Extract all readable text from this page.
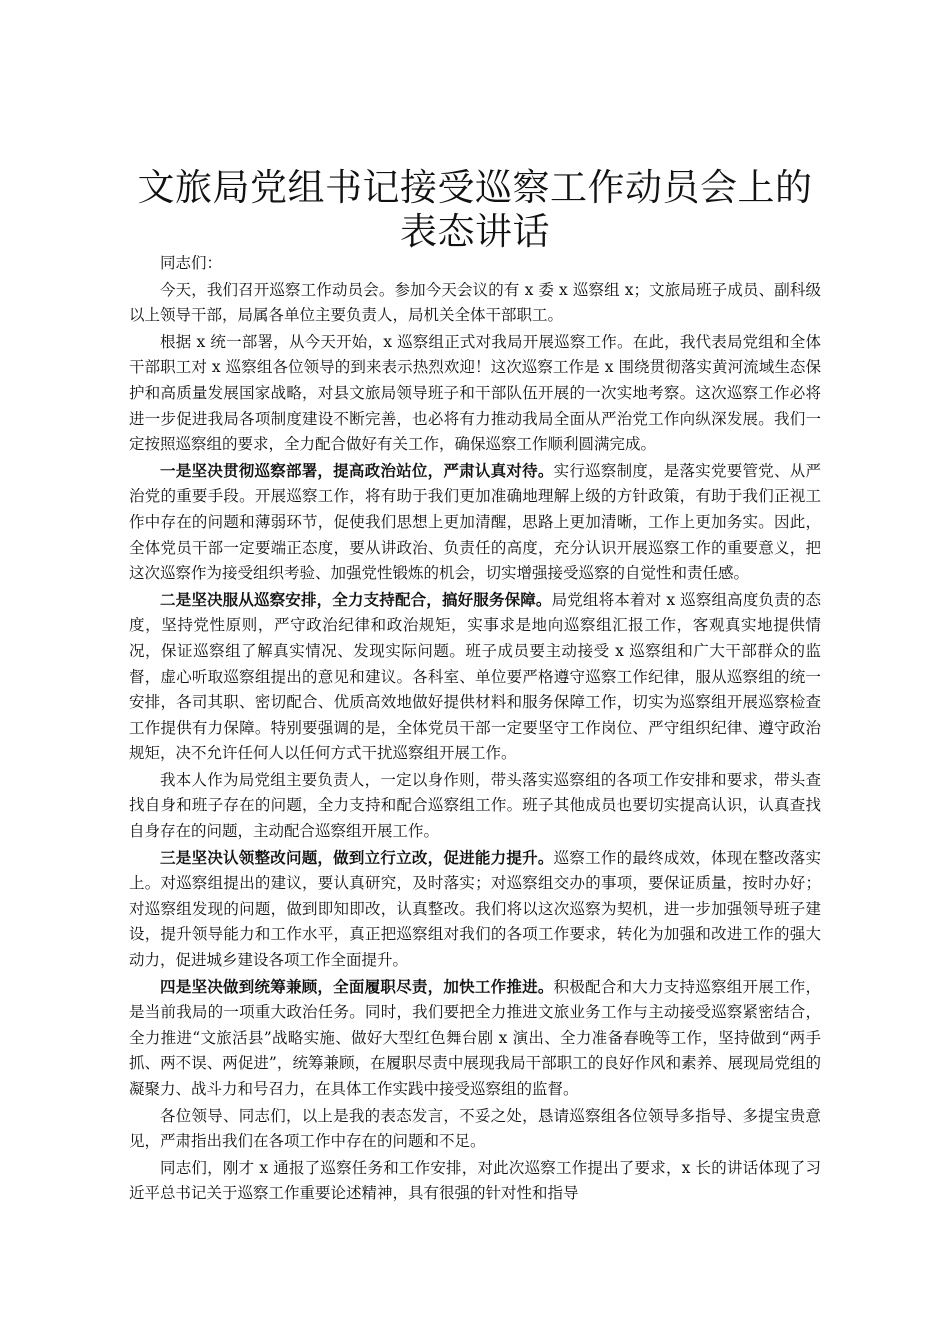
文旅局党组书记接受巡察工作动员会上的表态讲话

同志们：

今天，我们召开巡察工作动员会。参加今天会议的有 x 委 x 巡察组 x；文旅局班子成员、副科级以上领导干部，局属各单位主要负责人，局机关全体干部职工。

根据 x 统一部署，从今天开始，x 巡察组正式对我局开展巡察工作。在此，我代表局党组和全体干部职工对 x 巡察组各位领导的到来表示热烈欢迎！这次巡察工作是 x 围绕贯彻落实黄河流域生态保护和高质量发展国家战略，对县文旅局领导班子和干部队伍开展的一次实地考察。这次巡察工作必将进一步促进我局各项制度建设不断完善，也必将有力推动我局全面从严治党工作向纵深发展。我们一定按照巡察组的要求，全力配合做好有关工作，确保巡察工作顺利圆满完成。

一是坚决贯彻巡察部署，提高政治站位，严肃认真对待。实行巡察制度，是落实党要管党、从严治党的重要手段。开展巡察工作，将有助于我们更加准确地理解上级的方针政策，有助于我们正视工作中存在的问题和薄弱环节，促使我们思想上更加清醒，思路上更加清晰，工作上更加务实。因此，全体党员干部一定要端正态度，要从讲政治、负责任的高度，充分认识开展巡察工作的重要意义，把这次巡察作为接受组织考验、加强党性锻炼的机会，切实增强接受巡察的自觉性和责任感。

二是坚决服从巡察安排，全力支持配合，搞好服务保障。局党组将本着对 x 巡察组高度负责的态度，坚持党性原则，严守政治纪律和政治规矩，实事求是地向巡察组汇报工作，客观真实地提供情况，保证巡察组了解真实情况、发现实际问题。班子成员要主动接受 x 巡察组和广大干部群众的监督，虚心听取巡察组提出的意见和建议。各科室、单位要严格遵守巡察工作纪律，服从巡察组的统一安排，各司其职、密切配合、优质高效地做好提供材料和服务保障工作，切实为巡察组开展巡察检查工作提供有力保障。特别要强调的是，全体党员干部一定要坚守工作岗位、严守组织纪律、遵守政治规矩，决不允许任何人以任何方式干扰巡察组开展工作。

我本人作为局党组主要负责人，一定以身作则，带头落实巡察组的各项工作安排和要求，带头查找自身和班子存在的问题，全力支持和配合巡察组工作。班子其他成员也要切实提高认识，认真查找自身存在的问题，主动配合巡察组开展工作。

三是坚决认领整改问题，做到立行立改，促进能力提升。巡察工作的最终成效，体现在整改落实上。对巡察组提出的建议，要认真研究，及时落实；对巡察组交办的事项，要保证质量，按时办好；对巡察组发现的问题，做到即知即改，认真整改。我们将以这次巡察为契机，进一步加强领导班子建设，提升领导能力和工作水平，真正把巡察组对我们的各项工作要求，转化为加强和改进工作的强大动力，促进城乡建设各项工作全面提升。

四是坚决做到统筹兼顾，全面履职尽责，加快工作推进。积极配合和大力支持巡察组开展工作，是当前我局的一项重大政治任务。同时，我们要把全力推进文旅业务工作与主动接受巡察紧密结合，全力推进“文旅活县”战略实施、做好大型红色舞台剧 x 演出、全力准备春晚等工作，坚持做到“两手抓、两不误、两促进”，统筹兼顾，在履职尽责中展现我局干部职工的良好作风和素养、展现局党组的凝聚力、战斗力和号召力，在具体工作实践中接受巡察组的监督。

各位领导、同志们，以上是我的表态发言，不妥之处，恳请巡察组各位领导多指导、多提宝贵意见，严肃指出我们在各项工作中存在的问题和不足。

同志们，刚才 x 通报了巡察任务和工作安排，对此次巡察工作提出了要求，x 长的讲话体现了习近平总书记关于巡察工作重要论述精神，具有很强的针对性和指导
